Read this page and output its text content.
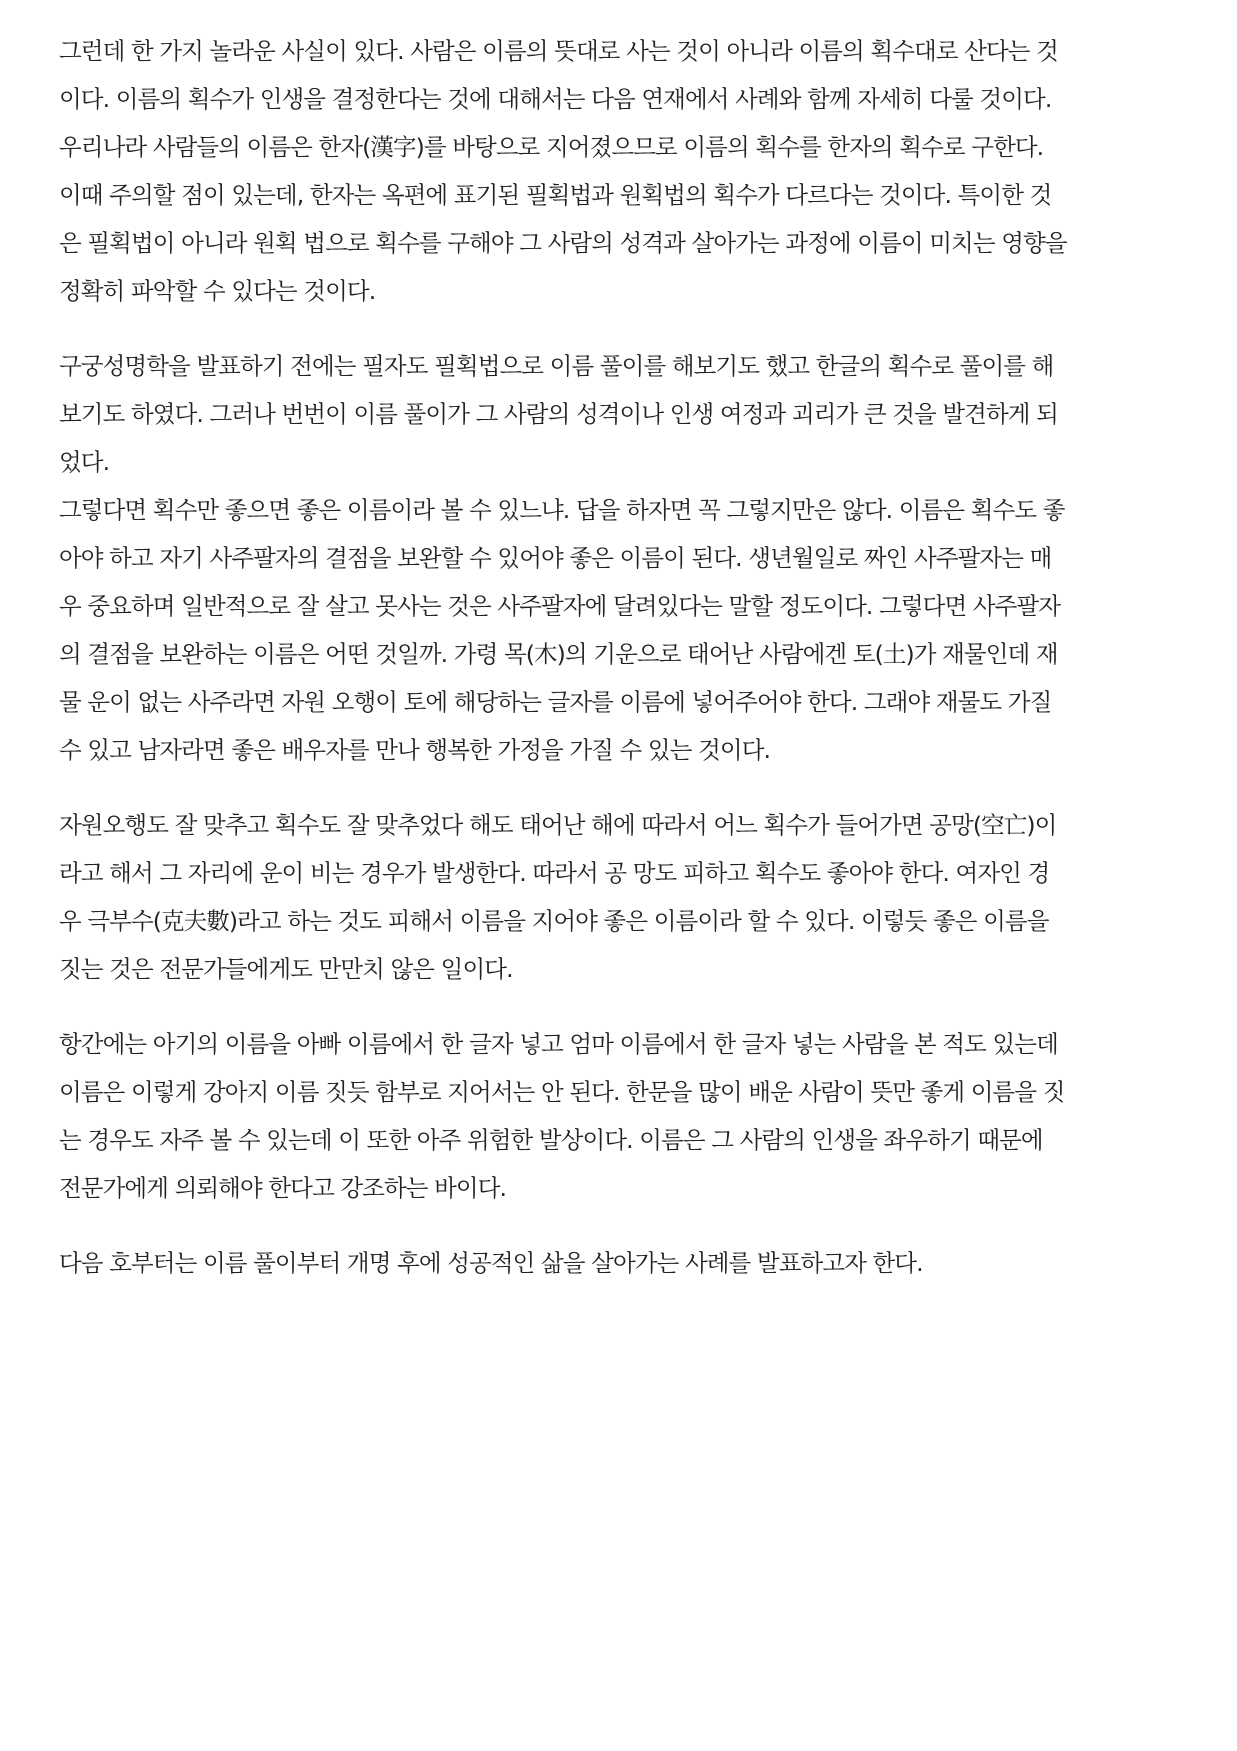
그런데 한 가지 놀라운 사실이 있다. 사람은 이름의 뜻대로 사는 것이 아니라 이름의 획수대로 산다는 것
이다. 이름의 획수가 인생을 결정한다는 것에 대해서는 다음 연재에서 사례와 함께 자세히 다룰 것이다.
우리나라 사람들의 이름은 한자(漢字)를 바탕으로 지어졌으므로 이름의 획수를 한자의 획수로 구한다.
이때 주의할 점이 있는데, 한자는 옥편에 표기된 필획법과 원획법의 획수가 다르다는 것이다. 특이한 것
은 필획법이 아니라 원획 법으로 획수를 구해야 그 사람의 성격과 살아가는 과정에 이름이 미치는 영향을
정확히 파악할 수 있다는 것이다.

구궁성명학을 발표하기 전에는 필자도 필획법으로 이름 풀이를 해보기도 했고 한글의 획수로 풀이를 해
보기도 하였다. 그러나 번번이 이름 풀이가 그 사람의 성격이나 인생 여정과 괴리가 큰 것을 발견하게 되
었다.

그렇다면 획수만 좋으면 좋은 이름이라 볼 수 있느냐. 답을 하자면 꼭 그렇지만은 않다. 이름은 획수도 좋
아야 하고 자기 사주팔자의 결점을 보완할 수 있어야 좋은 이름이 된다. 생년월일로 짜인 사주팔자는 매
우 중요하며 일반적으로 잘 살고 못사는 것은 사주팔자에 달려있다는 말할 정도이다. 그렇다면 사주팔자
의 결점을 보완하는 이름은 어떤 것일까. 가령 목(木)의 기운으로 태어난 사람에겐 토(土)가 재물인데 재
물 운이 없는 사주라면 자원 오행이 토에 해당하는 글자를 이름에 넣어주어야 한다. 그래야 재물도 가질
수 있고 남자라면 좋은 배우자를 만나 행복한 가정을 가질 수 있는 것이다.

자원오행도 잘 맞추고 획수도 잘 맞추었다 해도 태어난 해에 따라서 어느 획수가 들어가면 공망(空亡)이
라고 해서 그 자리에 운이 비는 경우가 발생한다. 따라서 공 망도 피하고 획수도 좋아야 한다. 여자인 경
우 극부수(克夫數)라고 하는 것도 피해서 이름을 지어야 좋은 이름이라 할 수 있다. 이렇듯 좋은 이름을
짓는 것은 전문가들에게도 만만치 않은 일이다.

항간에는 아기의 이름을 아빠 이름에서 한 글자 넣고 엄마 이름에서 한 글자 넣는 사람을 본 적도 있는데
이름은 이렇게 강아지 이름 짓듯 함부로 지어서는 안 된다. 한문을 많이 배운 사람이 뜻만 좋게 이름을 짓
는 경우도 자주 볼 수 있는데 이 또한 아주 위험한 발상이다. 이름은 그 사람의 인생을 좌우하기 때문에
전문가에게 의뢰해야 한다고 강조하는 바이다.

다음 호부터는 이름 풀이부터 개명 후에 성공적인 삶을 살아가는 사례를 발표하고자 한다.
